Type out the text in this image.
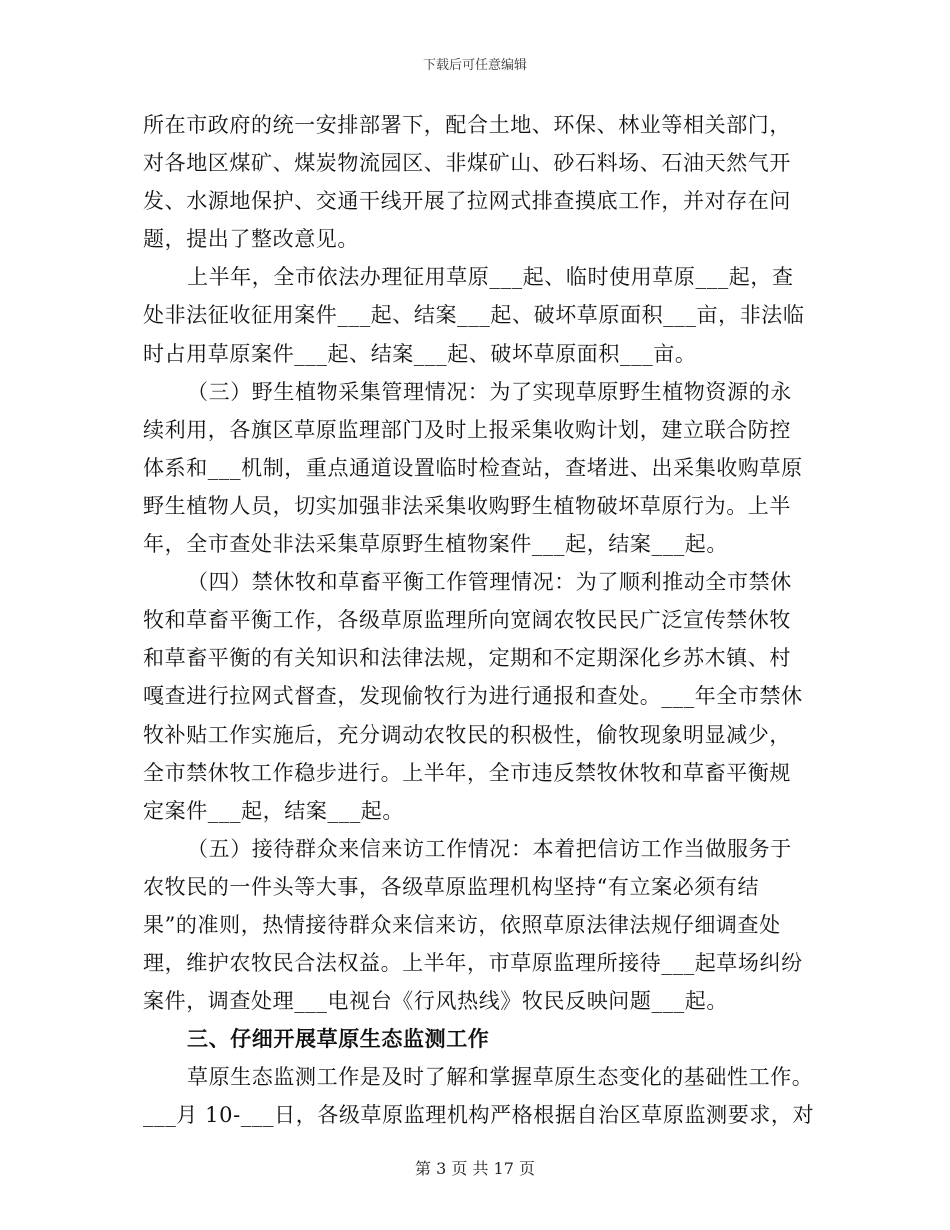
下载后可任意编辑
所在市政府的统一安排部署下，配合土地、环保、林业等相关部门，
对各地区煤矿、煤炭物流园区、非煤矿山、砂石料场、石油天然气开
发、水源地保护、交通干线开展了拉网式排查摸底工作，并对存在问
题，提出了整改意见。
上半年，全市依法办理征用草原___起、临时使用草原___起，查
处非法征收征用案件___起、结案___起、破坏草原面积___亩，非法临
时占用草原案件___起、结案___起、破坏草原面积___亩。
（三）野生植物采集管理情况：为了实现草原野生植物资源的永
续利用，各旗区草原监理部门及时上报采集收购计划，建立联合防控
体系和___机制，重点通道设置临时检查站，查堵进、出采集收购草原
野生植物人员，切实加强非法采集收购野生植物破坏草原行为。上半
年，全市查处非法采集草原野生植物案件___起，结案___起。
（四）禁休牧和草畜平衡工作管理情况：为了顺利推动全市禁休
牧和草畜平衡工作，各级草原监理所向宽阔农牧民民广泛宣传禁休牧
和草畜平衡的有关知识和法律法规，定期和不定期深化乡苏木镇、村
嘎查进行拉网式督查，发现偷牧行为进行通报和查处。___年全市禁休
牧补贴工作实施后，充分调动农牧民的积极性，偷牧现象明显减少，
全市禁休牧工作稳步进行。上半年，全市违反禁牧休牧和草畜平衡规
定案件___起，结案___起。
（五）接待群众来信来访工作情况：本着把信访工作当做服务于
农牧民的一件头等大事，各级草原监理机构坚持“有立案必须有结
果”的准则，热情接待群众来信来访，依照草原法律法规仔细调查处
理，维护农牧民合法权益。上半年，市草原监理所接待___起草场纠纷
案件，调查处理___电视台《行风热线》牧民反映问题___起。
三、仔细开展草原生态监测工作
草原生态监测工作是及时了解和掌握草原生态变化的基础性工作。
___月 10-___日，各级草原监理机构严格根据自治区草原监测要求，对
第 3 页 共 17 页
